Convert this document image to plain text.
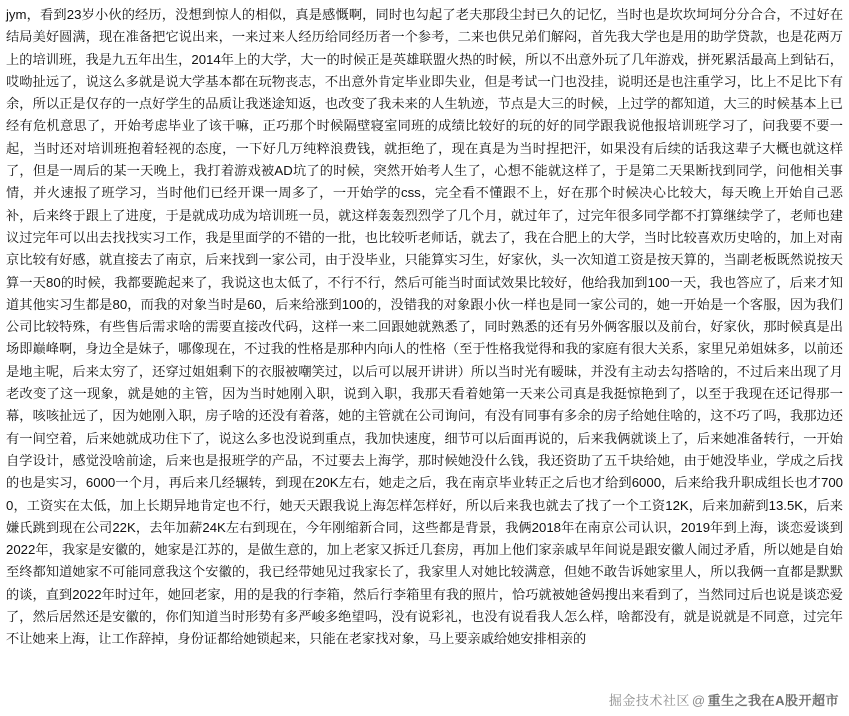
jym，看到23岁小伙的经历，没想到惊人的相似，真是感慨啊，同时也勾起了老夫那段尘封已久的记忆，当时也是坎坎坷坷分分合合，不过好在结局美好圆满，现在准备把它说出来，一来过来人经历给同经历者一个参考，二来也供兄弟们解闷，首先我大学也是用的助学贷款，也是花两万上的培训班，我是九五年出生，2014年上的大学，大一的时候正是英雄联盟火热的时候，所以不出意外玩了几年游戏，拼死累活最高上到钻石，哎呦扯远了，说这么多就是说大学基本都在玩物丧志，不出意外肯定毕业即失业，但是考试一门也没挂，说明还是也注重学习，比上不足比下有余，所以正是仅存的一点好学生的品质让我迷途知返，也改变了我未来的人生轨迹，节点是大三的时候，上过学的都知道，大三的时候基本上已经有危机意思了，开始考虑毕业了该干嘛，正巧那个时候隔壁寝室同班的成绩比较好的玩的好的同学跟我说他报培训班学习了，问我要不要一起，当时还对培训班抱着轻视的态度，一下好几万纯粹浪费钱，就拒绝了，现在真是为当时捏把汗，如果没有后续的话我这辈子大概也就这样了，但是一周后的某一天晚上，我打着游戏被AD坑了的时候，突然开始考人生了，心想不能就这样了，于是第二天果断找到同学，问他相关事情，并火速报了班学习，当时他们已经开课一周多了，一开始学的css，完全看不懂跟不上，好在那个时候决心比较大，每天晚上开始自己恶补，后来终于跟上了进度，于是就成功成为培训班一员，就这样轰轰烈烈学了几个月，就过年了，过完年很多同学都不打算继续学了，老师也建议过完年可以出去找找实习工作，我是里面学的不错的一批，也比较听老师话，就去了，我在合肥上的大学，当时比较喜欢历史啥的，加上对南京比较有好感，就直接去了南京，后来找到一家公司，由于没毕业，只能算实习生，好家伙，头一次知道工资是按天算的，当副老板既然说按天算一天80的时候，我都要跪起来了，我说这也太低了，不行不行，然后可能当时面试效果比较好，他给我加到100一天，我也答应了，后来才知道其他实习生都是80，而我的对象当时是60，后来给涨到100的，没错我的对象跟小伙一样也是同一家公司的，她一开始是一个客服，因为我们公司比较特殊，有些售后需求啥的需要直接改代码，这样一来二回跟她就熟悉了，同时熟悉的还有另外俩客服以及前台，好家伙，那时候真是出场即巅峰啊，身边全是妹子，哪像现在，不过我的性格是那种内向i人的性格（至于性格我觉得和我的家庭有很大关系，家里兄弟姐妹多，以前还是地主呢，后来太穷了，还穿过姐姐剩下的衣服被嘲笑过，以后可以展开讲讲）所以当时光有暧昧，并没有主动去勾搭啥的，不过后来出现了月老改变了这一现象，就是她的主管，因为当时她刚入职，说到入职，我那天看着她第一天来公司真是我挺惊艳到了，以至于我现在还记得那一幕，咳咳扯远了，因为她刚入职，房子啥的还没有着落，她的主管就在公司询问，有没有同事有多余的房子给她住啥的，这不巧了吗，我那边还有一间空着，后来她就成功住下了，说这么多也没说到重点，我加快速度，细节可以后面再说的，后来我俩就谈上了，后来她准备转行，一开始自学设计，感觉没啥前途，后来也是报班学的产品，不过要去上海学，那时候她没什么钱，我还资助了五千块给她，由于她没毕业，学成之后找的也是实习，6000一个月，再后来几经辗转，到现在20K左右，她走之后，我在南京毕业转正之后也才给到6000，后来给我升职成组长也才7000，工资实在太低，加上长期异地肯定也不行，她天天跟我说上海怎样怎样好，所以后来我也就去了找了一个工资12K，后来加薪到13.5K，后来嫌氏跳到现在公司22K，去年加薪24K左右到现在，今年刚缩新合同，这些都是背景，我俩2018年在南京公司认识，2019年到上海，谈恋爱谈到2022年，我家是安徽的，她家是江苏的，是做生意的，加上老家又拆迁几套房，再加上他们家亲戚早年间说是跟安徽人闹过矛盾，所以她是自始至终都知道她家不可能同意我这个安徽的，我已经带她见过我家长了，我家里人对她比较满意，但她不敢告诉她家里人，所以我俩一直都是默默的谈，直到2022年时过年，她回老家，用的是我的行李箱，然后行李箱里有我的照片，恰巧就被她爸妈搜出来看到了，当然同过后也说是谈恋爱了，然后居然还是安徽的，你们知道当时形势有多严峻多绝望吗，没有说彩礼，也没有说看我人怎么样，啥都没有，就是说就是不同意，过完年不让她来上海，让工作辞掉，身份证都给她锁起来，只能在老家找对象，马上要亲戚给她安排相亲的
掘金技术社区 @ 重生之我在A股开超市
